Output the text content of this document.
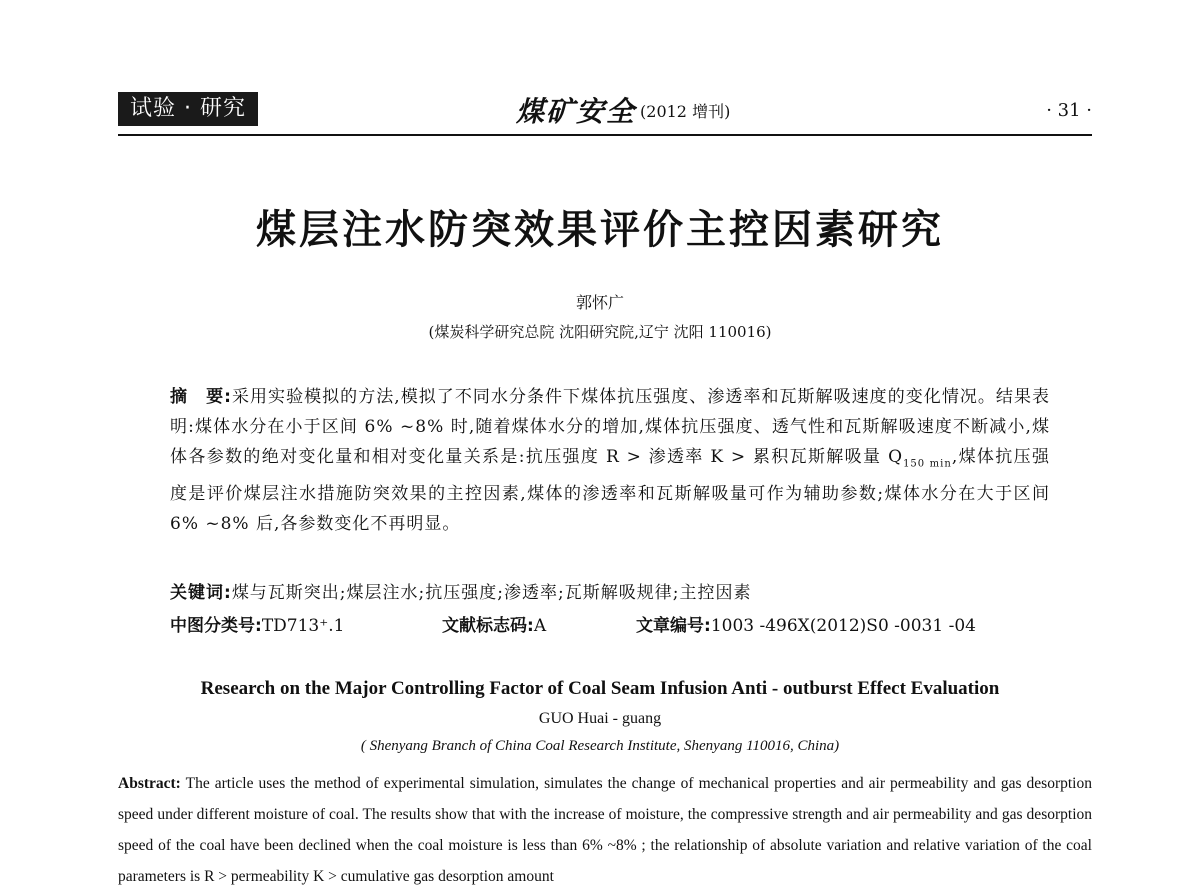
试验 · 研究	煤矿安全 (2012 增刊)	· 31 ·
煤层注水防突效果评价主控因素研究
郭怀广
(煤炭科学研究总院 沈阳研究院,辽宁 沈阳 110016)
摘　要:采用实验模拟的方法,模拟了不同水分条件下煤体抗压强度、渗透率和瓦斯解吸速度的变化情况。结果表明:煤体水分在小于区间 6% ~8% 时,随着煤体水分的增加,煤体抗压强度、透气性和瓦斯解吸速度不断减小,煤体各参数的绝对变化量和相对变化量关系是:抗压强度 R > 渗透率 K > 累积瓦斯解吸量 $Q_{150 min}$,煤体抗压强度是评价煤层注水措施防突效果的主控因素,煤体的渗透率和瓦斯解吸量可作为辅助参数;煤体水分在大于区间 6% ~8% 后,各参数变化不再明显。
关键词:煤与瓦斯突出;煤层注水;抗压强度;渗透率;瓦斯解吸规律;主控因素
中图分类号:TD713⁺.1	文献标志码:A	文章编号:1003 -496X(2012)S0 -0031 -04
Research on the Major Controlling Factor of Coal Seam Infusion Anti - outburst Effect Evaluation
GUO Huai - guang
( Shenyang Branch of China Coal Research Institute, Shenyang 110016, China)
Abstract: The article uses the method of experimental simulation, simulates the change of mechanical properties and air permeability and gas desorption speed under different moisture of coal. The results show that with the increase of moisture, the compressive strength and air permeability and gas desorption speed of the coal have been declined when the coal moisture is less than 6% ~8% ; the relationship of absolute variation and relative variation of the coal parameters is R > permeability K > cumulative gas desorption amount
